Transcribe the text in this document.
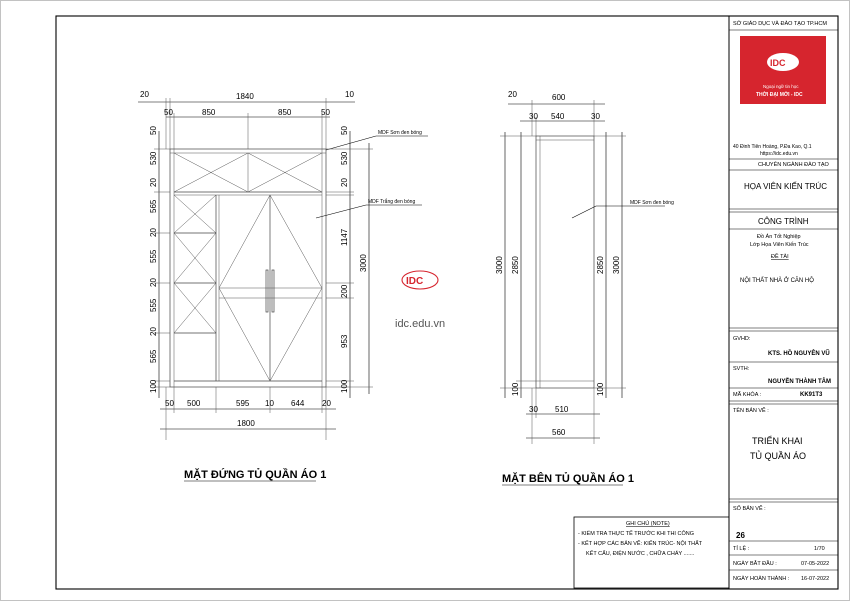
MDF Sơn đen bóng
MDF Trắng đen bóng
20	1840	10
50	850	850	50
50
530
20
565
20
555
20
555
20
565
100
50
530
20
1147
200
953
100
3000
50 500	595 10 644 20
1800
MẶT ĐỨNG TỦ QUẦN ÁO 1
MDF Sơn đen bóng
20	600
30 540	30
3000 2850
100
2850 3000
100
30 510
560
MẶT BÊN TỦ QUẦN ÁO 1
IDC
idc.edu.vn
GHI CHÚ (NOTE)
- KIỂM TRA THỰC TẾ TRƯỚC KHI THI CÔNG
- KẾT HỢP CÁC BẢN VẼ: KIẾN TRÚC- NỘI THẤT
KẾT CẤU, ĐIỆN NƯỚC , CHỮA CHÁY .......
SỞ GIÁO DỤC VÀ ĐÀO TẠO TP.HCM
IDC
Ngoại ngữ tin học
THỜI ĐẠI MỚI - IDC
40 Đinh Tiên Hoàng, P.Đa Kao, Q.1
https://idc.edu.vn
CHUYÊN NGÀNH ĐÀO TẠO
HỌA VIÊN KIẾN TRÚC
CÔNG TRÌNH
Đồ Án Tốt Nghiệp
Lớp Họa Viên Kiến Trúc
ĐỀ TÀI
NỘI THẤT NHÀ Ở CĂN HỘ
GVHD:
KTS. HỒ NGUYÊN VŨ
SVTH:
NGUYỄN THÀNH TÂM
MÃ KHÓA :	KK91T3
TÊN BẢN VẼ :
TRIỂN KHAI
TỦ QUẦN ÁO
SỐ BẢN VẼ :
26
TỈ LỆ :	1/70
NGÀY BẮT ĐẦU :	07-05-2022
NGÀY HOÀN THÀNH : 16-07-2022
